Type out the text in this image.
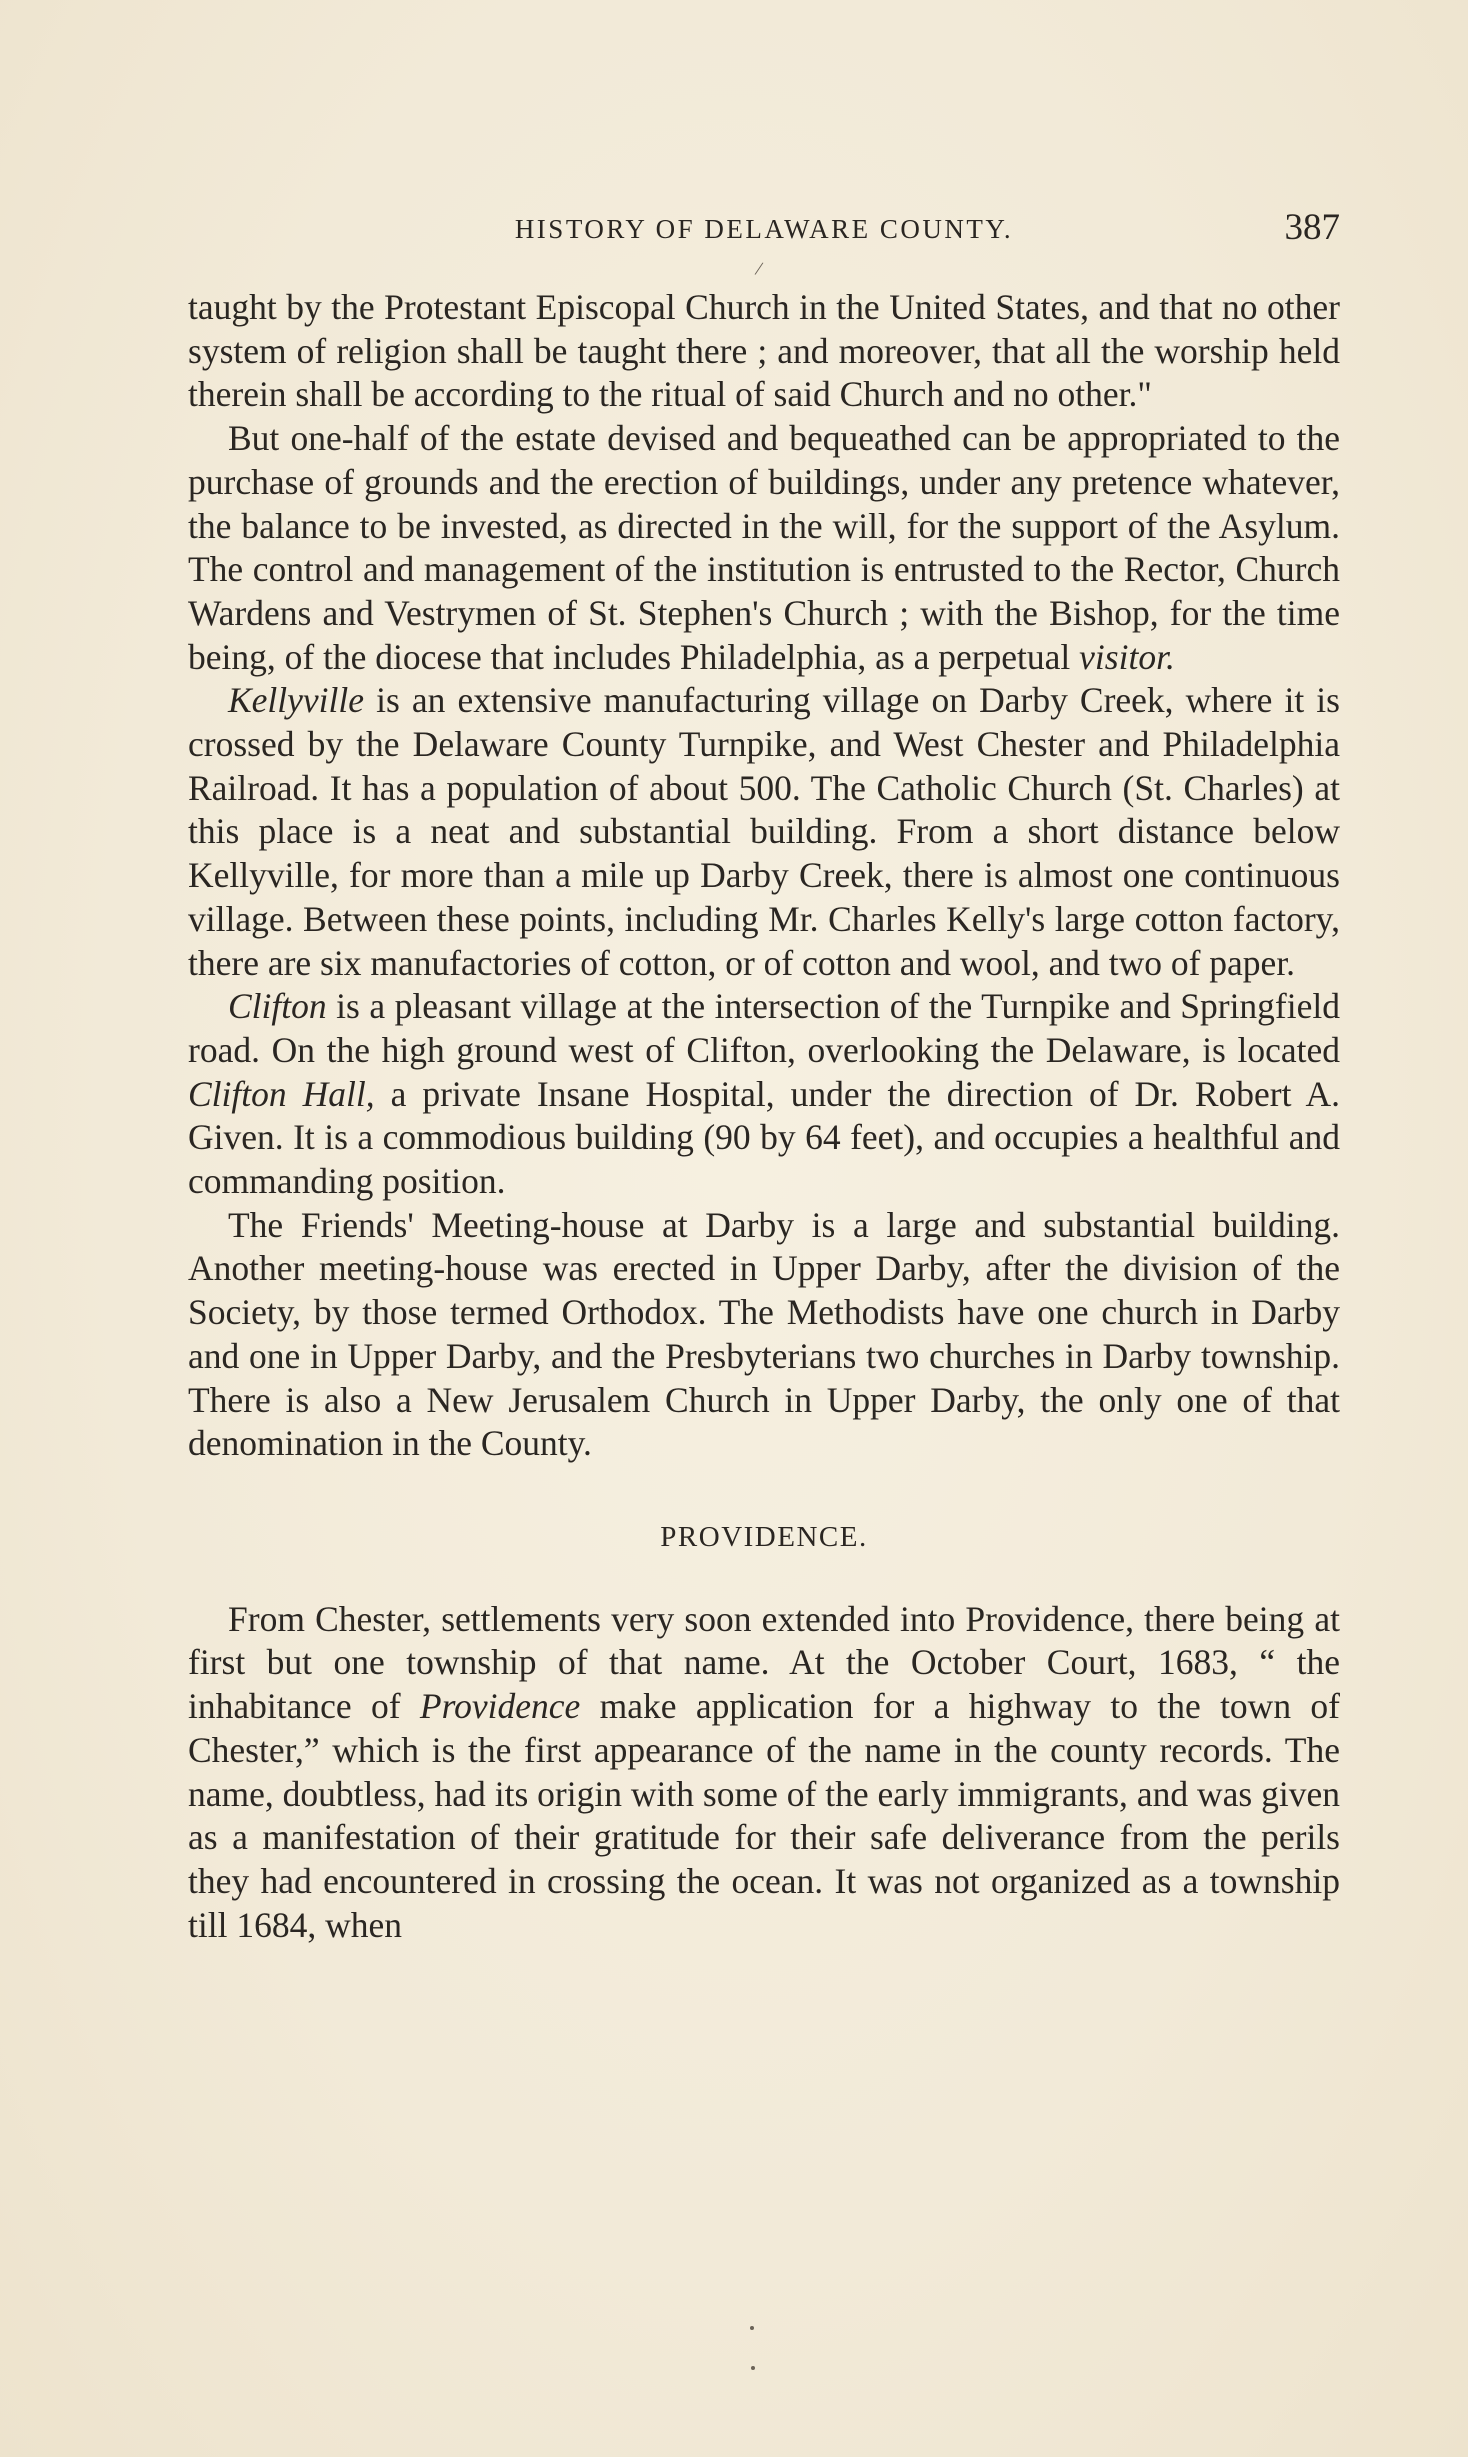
HISTORY OF DELAWARE COUNTY.	387
/

taught by the Protestant Episcopal Church in the United States, and that no other system of religion shall be taught there ; and moreover, that all the worship held therein shall be according to the ritual of said Church and no other."

But one-half of the estate devised and bequeathed can be appropriated to the purchase of grounds and the erection of buildings, under any pretence whatever, the balance to be invested, as directed in the will, for the support of the Asylum. The control and management of the institution is entrusted to the Rector, Church Wardens and Vestrymen of St. Stephen's Church ; with the Bishop, for the time being, of the diocese that includes Philadelphia, as a perpetual visitor.

Kellyville is an extensive manufacturing village on Darby Creek, where it is crossed by the Delaware County Turnpike, and West Chester and Philadelphia Railroad. It has a population of about 500. The Catholic Church (St. Charles) at this place is a neat and substantial building. From a short distance below Kellyville, for more than a mile up Darby Creek, there is almost one continuous village. Between these points, including Mr. Charles Kelly's large cotton factory, there are six manufactories of cotton, or of cotton and wool, and two of paper.

Clifton is a pleasant village at the intersection of the Turnpike and Springfield road. On the high ground west of Clifton, overlooking the Delaware, is located Clifton Hall, a private Insane Hospital, under the direction of Dr. Robert A. Given. It is a commodious building (90 by 64 feet), and occupies a healthful and commanding position.

The Friends' Meeting-house at Darby is a large and substantial building. Another meeting-house was erected in Upper Darby, after the division of the Society, by those termed Orthodox. The Methodists have one church in Darby and one in Upper Darby, and the Presbyterians two churches in Darby township. There is also a New Jerusalem Church in Upper Darby, the only one of that denomination in the County.

PROVIDENCE.

From Chester, settlements very soon extended into Providence, there being at first but one township of that name. At the October Court, 1683, “ the inhabitance of Providence make application for a highway to the town of Chester,” which is the first appearance of the name in the county records. The name, doubtless, had its origin with some of the early immigrants, and was given as a manifestation of their gratitude for their safe deliverance from the perils they had encountered in crossing the ocean. It was not organized as a township till 1684, when
